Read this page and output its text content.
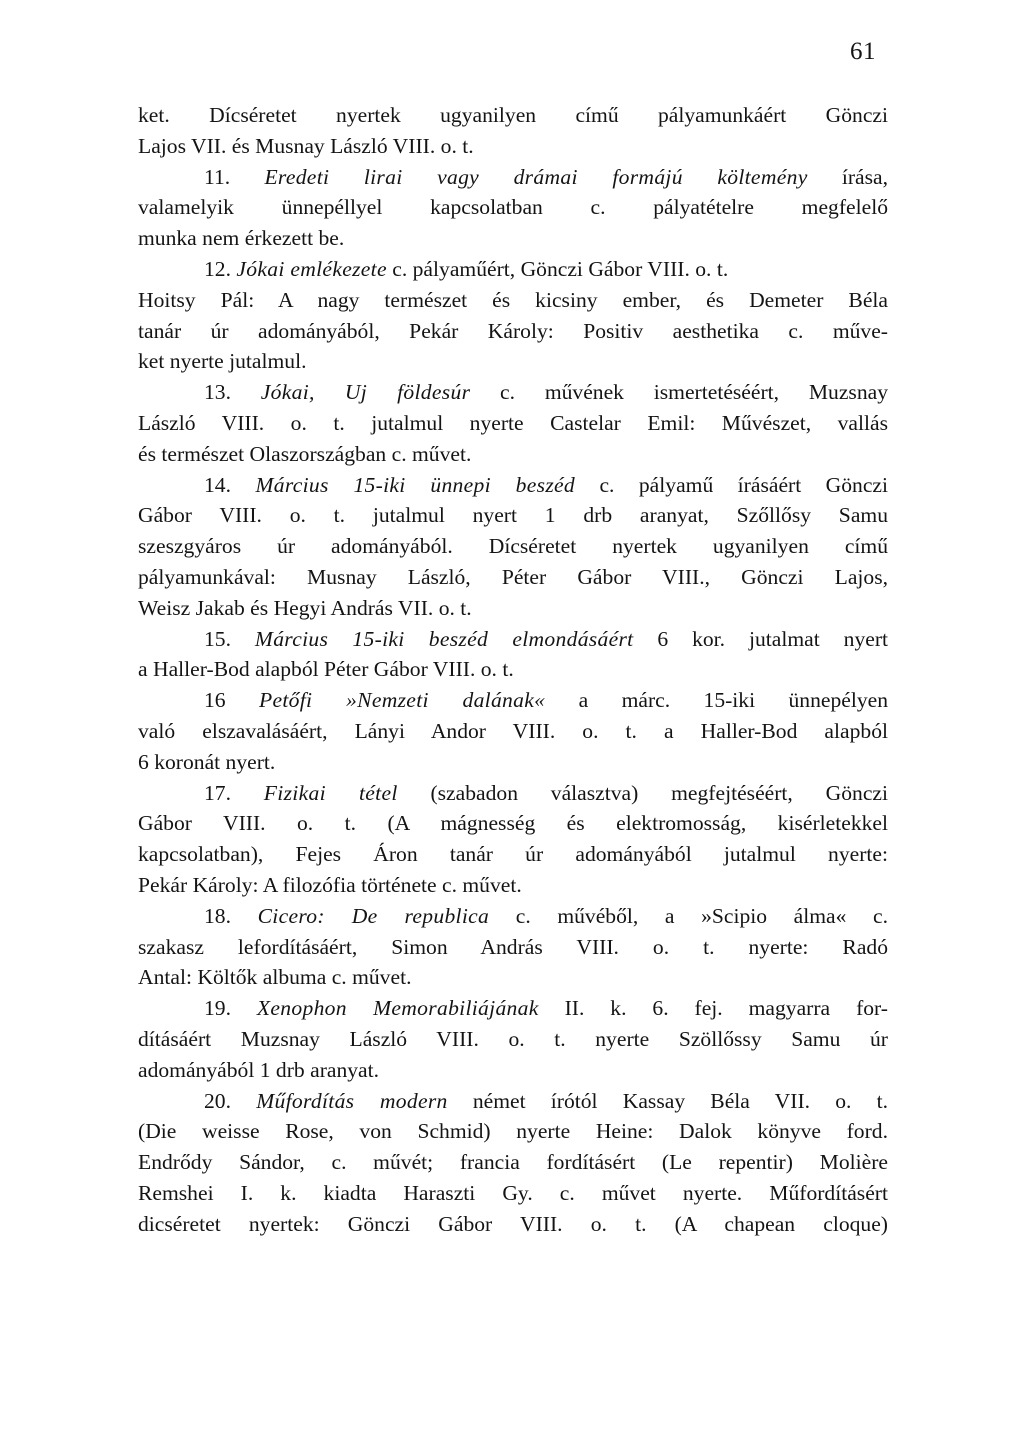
61
ket. Dícséretet nyertek ugyanilyen című pályamunkáért Gönczi
Lajos VII. és Musnay László VIII. o. t.
11. Eredeti lirai vagy drámai formájú költemény írása,
valamelyik ünnepéllyel kapcsolatban c. pályatételre megfelelő
munka nem érkezett be.
12. Jókai emlékezete c. pályaműért, Gönczi Gábor VIII. o. t.
Hoitsy Pál: A nagy természet és kicsiny ember, és Demeter Béla
tanár úr adományából, Pekár Károly: Positiv aesthetika c. műve-
ket nyerte jutalmul.
13. Jókai, Uj földesúr c. művének ismertetéséért, Muzsnay
László VIII. o. t. jutalmul nyerte Castelar Emil: Művészet, vallás
és természet Olaszországban c. művet.
14. Március 15-iki ünnepi beszéd c. pályamű írásáért Gönczi
Gábor VIII. o. t. jutalmul nyert 1 drb aranyat, Szőllősy Samu
szeszgyáros úr adományából. Dícséretet nyertek ugyanilyen című
pályamunkával: Musnay László, Péter Gábor VIII., Gönczi Lajos,
Weisz Jakab és Hegyi András VII. o. t.
15. Március 15-iki beszéd elmondásáért 6 kor. jutalmat nyert
a Haller-Bod alapból Péter Gábor VIII. o. t.
16 Petőfi »Nemzeti dalának« a márc. 15-iki ünnepélyen
való elszavalásáért, Lányi Andor VIII. o. t. a Haller-Bod alapból
6 koronát nyert.
17. Fizikai tétel (szabadon választva) megfejtéséért, Gönczi
Gábor VIII. o. t. (A mágnesség és elektromosság, kisérletekkel
kapcsolatban), Fejes Áron tanár úr adományából jutalmul nyerte:
Pekár Károly: A filozófia története c. művet.
18. Cicero: De republica c. művéből, a »Scipio álma« c.
szakasz lefordításáért, Simon András VIII. o. t. nyerte: Radó
Antal: Költők albuma c. művet.
19. Xenophon Memorabiliájának II. k. 6. fej. magyarra for-
dításáért Muzsnay László VIII. o. t. nyerte Szöllőssy Samu úr
adományából 1 drb aranyat.
20. Műfordítás modern német írótól Kassay Béla VII. o. t.
(Die weisse Rose, von Schmid) nyerte Heine: Dalok könyve ford.
Endrődy Sándor, c. művét; francia fordításért (Le repentir) Molière
Remshei I. k. kiadta Haraszti Gy. c. művet nyerte. Műfordításért
dicséretet nyertek: Gönczi Gábor VIII. o. t. (A chapean cloque)
